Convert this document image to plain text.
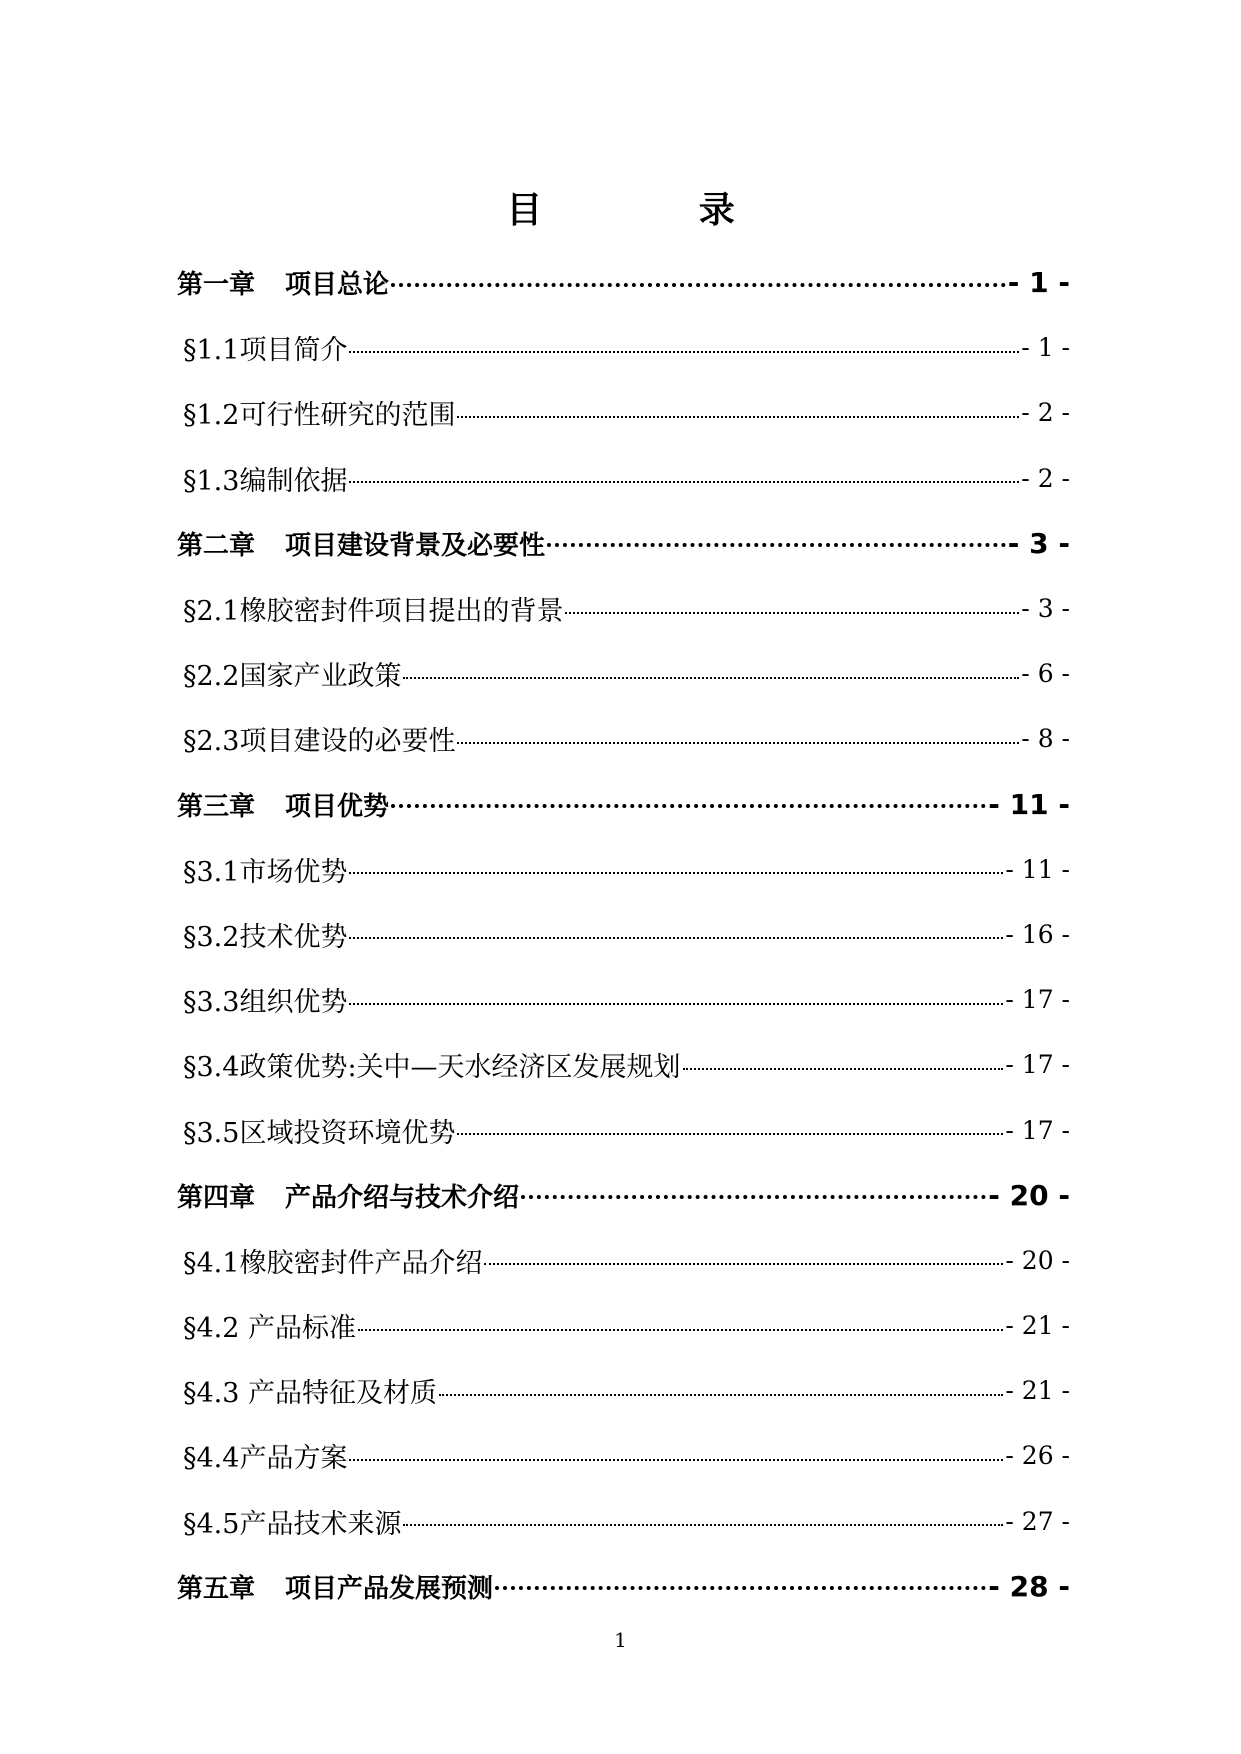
目 录
第一章 项目总论	- 1 -
§1.1项目简介	- 1 -
§1.2可行性研究的范围	- 2 -
§1.3编制依据	- 2 -
第二章 项目建设背景及必要性	- 3 -
§2.1橡胶密封件项目提出的背景	- 3 -
§2.2国家产业政策	- 6 -
§2.3项目建设的必要性	- 8 -
第三章 项目优势	- 11 -
§3.1市场优势	- 11 -
§3.2技术优势	- 16 -
§3.3组织优势	- 17 -
§3.4政策优势:关中—天水经济区发展规划	- 17 -
§3.5区域投资环境优势	- 17 -
第四章 产品介绍与技术介绍	- 20 -
§4.1橡胶密封件产品介绍	- 20 -
§4.2 产品标准	- 21 -
§4.3 产品特征及材质	- 21 -
§4.4产品方案	- 26 -
§4.5产品技术来源	- 27 -
第五章 项目产品发展预测	- 28 -
1
